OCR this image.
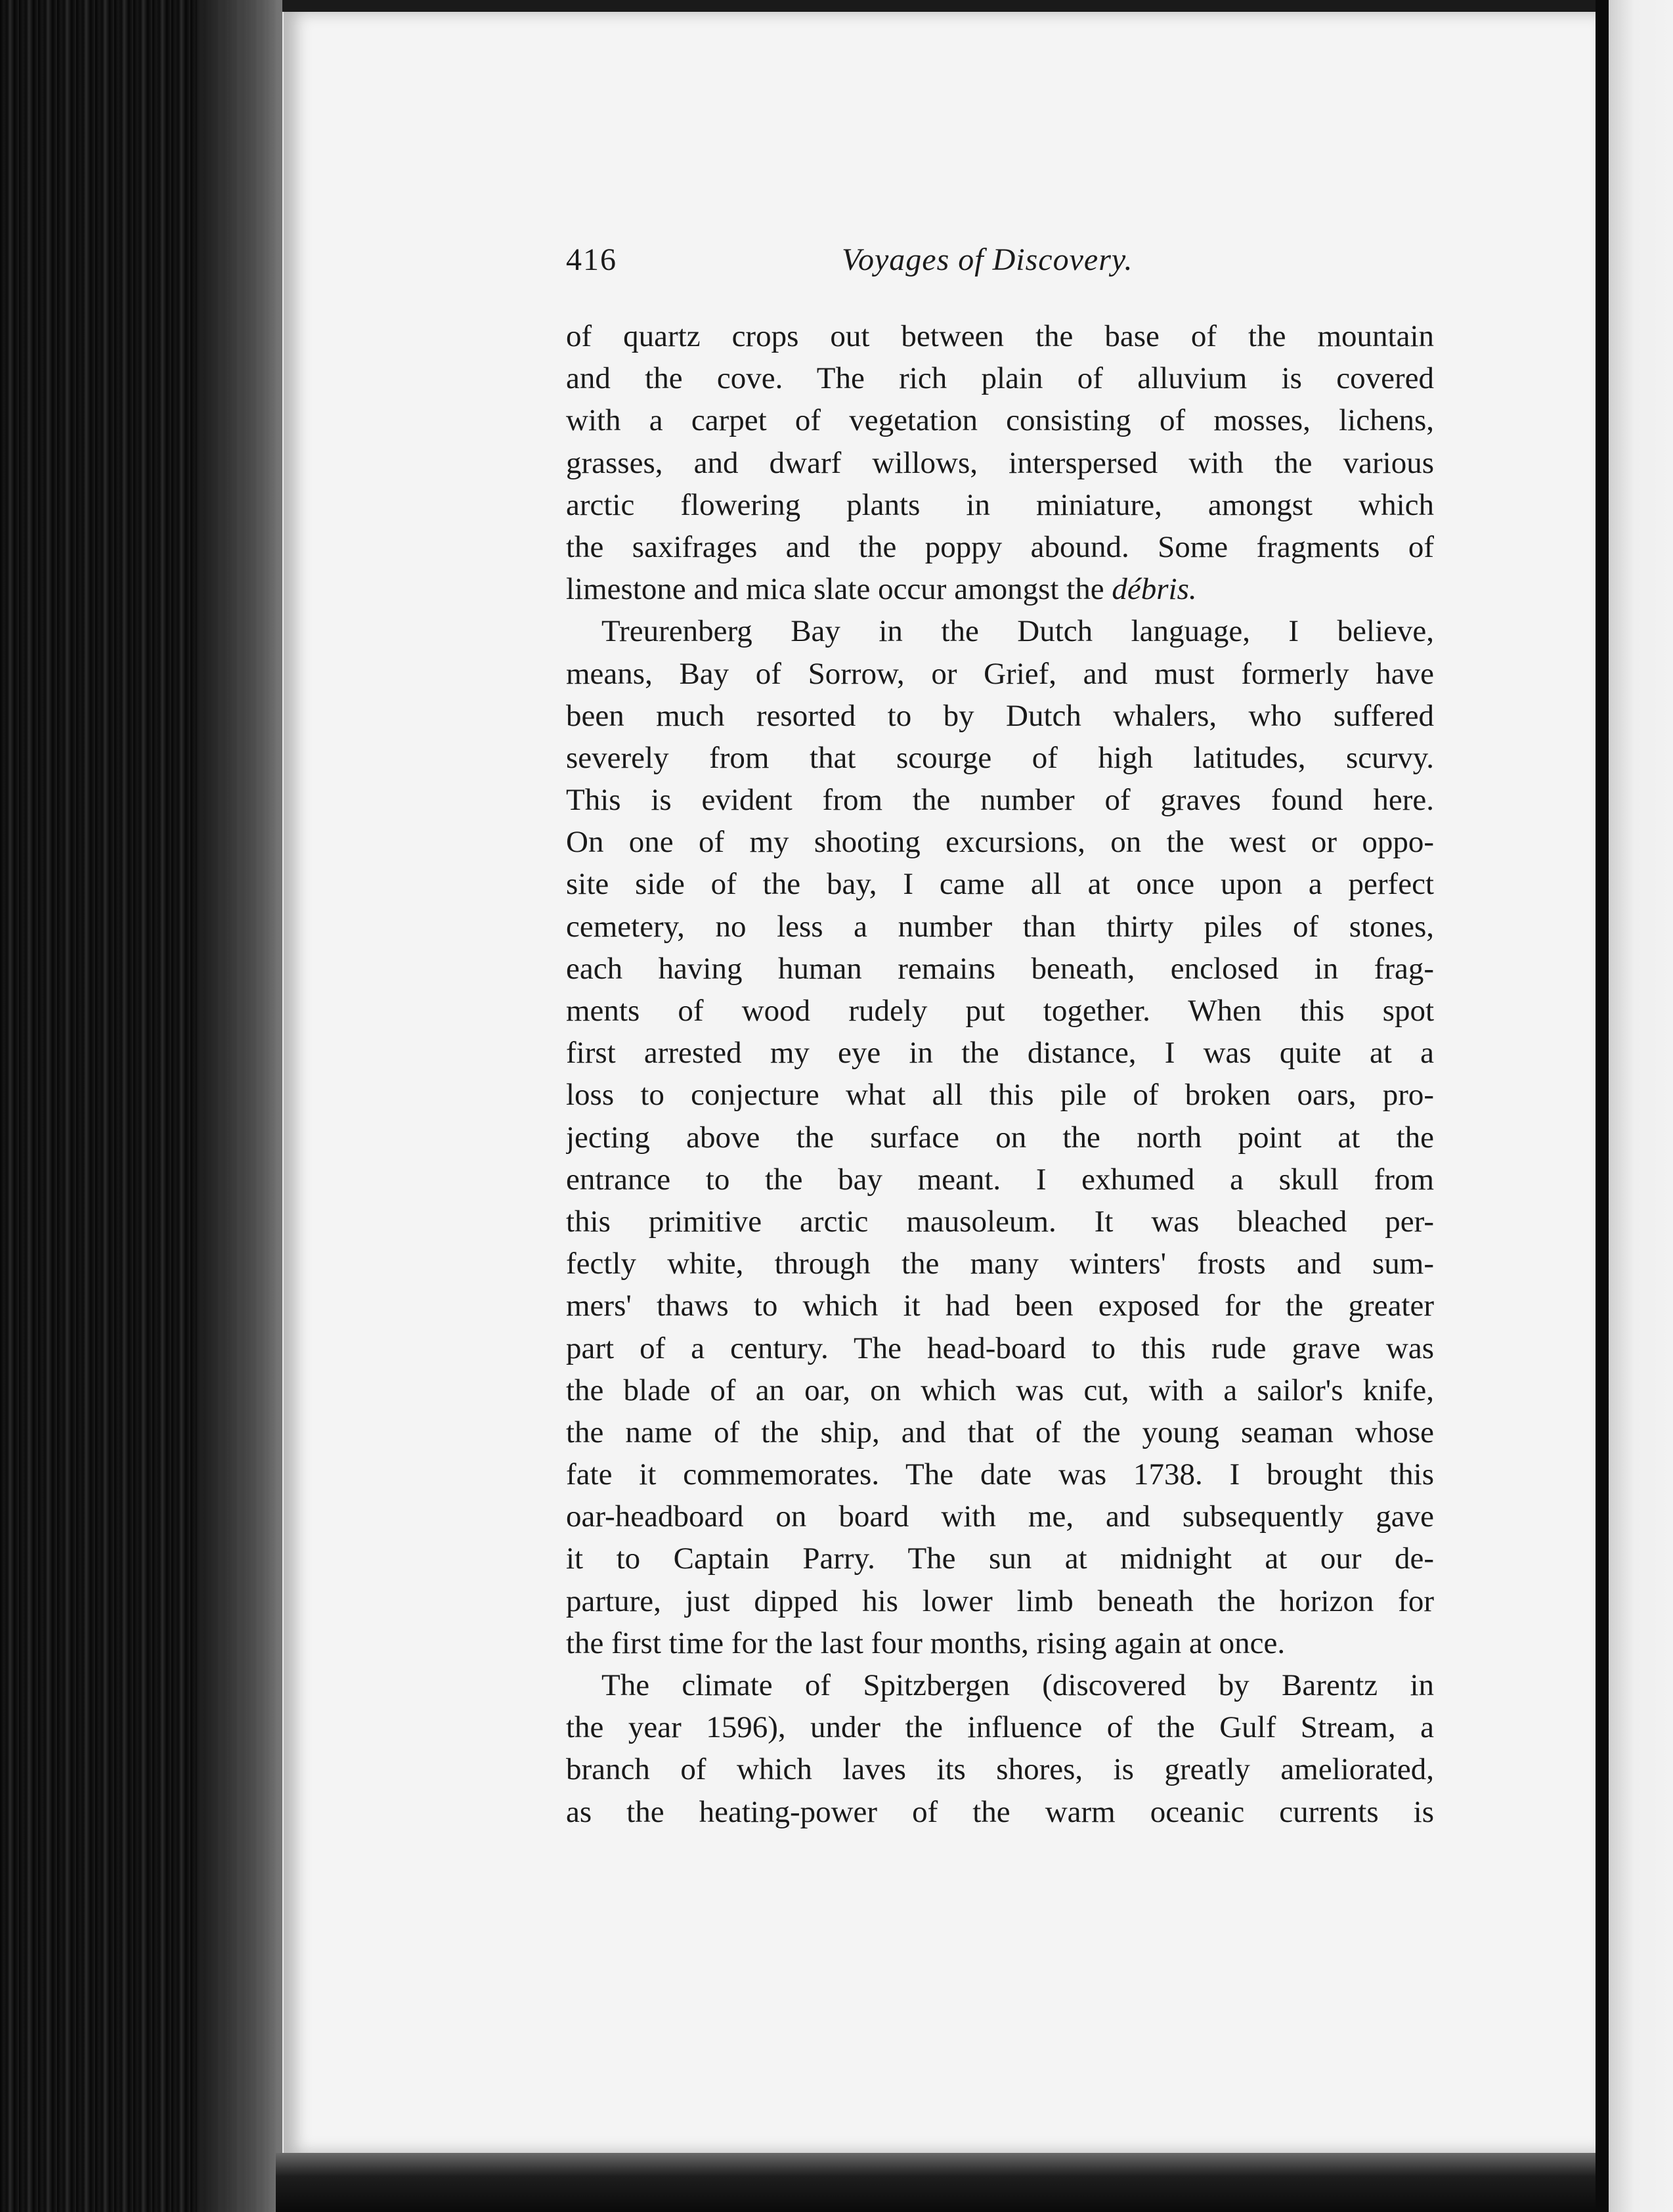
416	Voyages of Discovery.
of quartz crops out between the base of the mountain
and the cove. The rich plain of alluvium is covered
with a carpet of vegetation consisting of mosses, lichens,
grasses, and dwarf willows, interspersed with the various
arctic flowering plants in miniature, amongst which
the saxifrages and the poppy abound. Some fragments of
limestone and mica slate occur amongst the débris.
Treurenberg Bay in the Dutch language, I believe,
means, Bay of Sorrow, or Grief, and must formerly have
been much resorted to by Dutch whalers, who suffered
severely from that scourge of high latitudes, scurvy.
This is evident from the number of graves found here.
On one of my shooting excursions, on the west or oppo-
site side of the bay, I came all at once upon a perfect
cemetery, no less a number than thirty piles of stones,
each having human remains beneath, enclosed in frag-
ments of wood rudely put together. When this spot
first arrested my eye in the distance, I was quite at a
loss to conjecture what all this pile of broken oars, pro-
jecting above the surface on the north point at the
entrance to the bay meant. I exhumed a skull from
this primitive arctic mausoleum. It was bleached per-
fectly white, through the many winters' frosts and sum-
mers' thaws to which it had been exposed for the greater
part of a century. The head-board to this rude grave was
the blade of an oar, on which was cut, with a sailor's knife,
the name of the ship, and that of the young seaman whose
fate it commemorates. The date was 1738. I brought this
oar-headboard on board with me, and subsequently gave
it to Captain Parry. The sun at midnight at our de-
parture, just dipped his lower limb beneath the horizon for
the first time for the last four months, rising again at once.
The climate of Spitzbergen (discovered by Barentz in
the year 1596), under the influence of the Gulf Stream, a
branch of which laves its shores, is greatly ameliorated,
as the heating-power of the warm oceanic currents is
